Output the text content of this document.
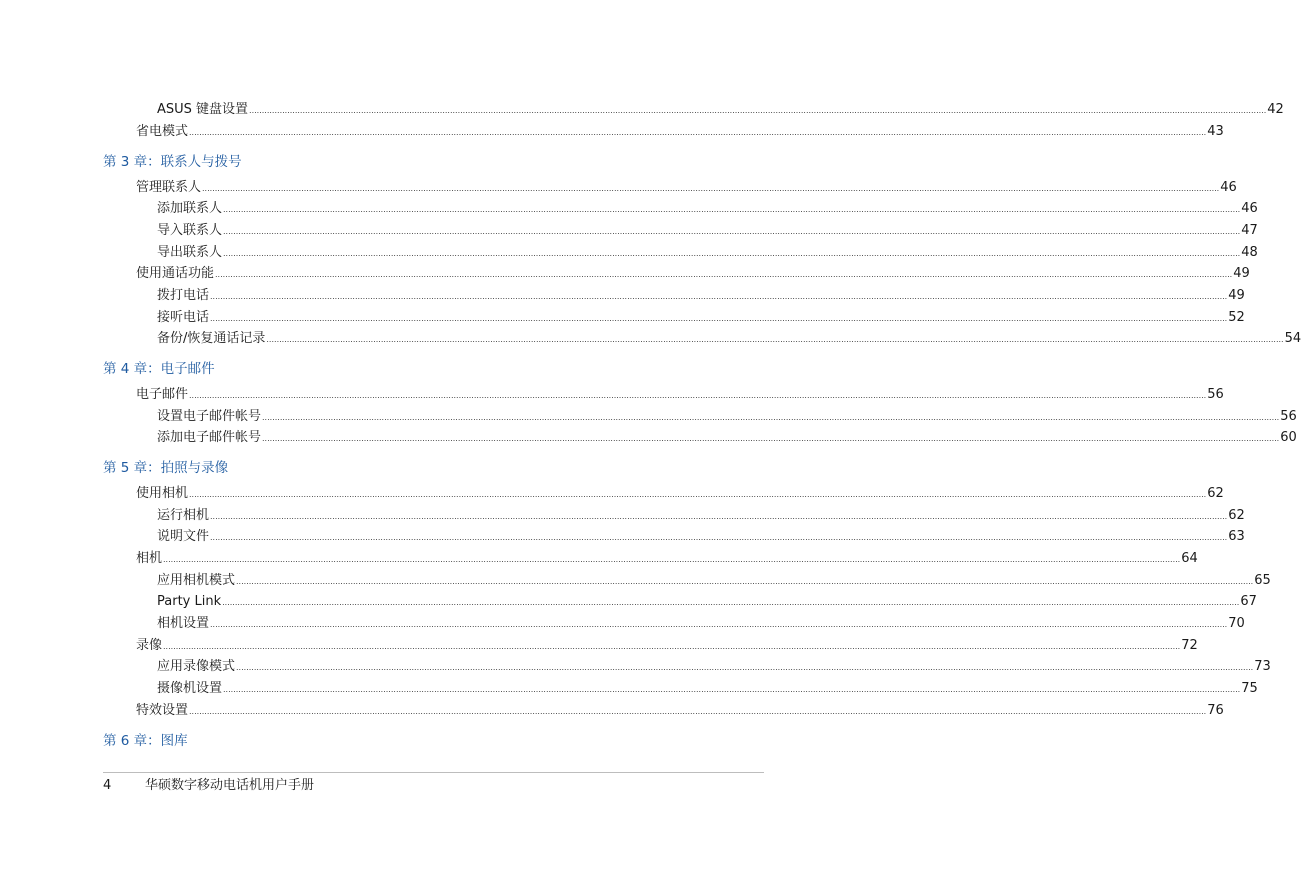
ASUS 键盘设置 ................................................................................................................................................................................................................................................................................................................................................................................................................ 42
省电模式 ................................................................................................................................................................................................................................................................................................................................................................................................................ 43
第 3 章：联系人与拨号
管理联系人 ................................................................................................................................................................................................................................................................................................................................................................................................................ 46
添加联系人 ................................................................................................................................................................................................................................................................................................................................................................................................................ 46
导入联系人 ................................................................................................................................................................................................................................................................................................................................................................................................................ 47
导出联系人 ................................................................................................................................................................................................................................................................................................................................................................................................................ 48
使用通话功能 ................................................................................................................................................................................................................................................................................................................................................................................................................ 49
拨打电话 ................................................................................................................................................................................................................................................................................................................................................................................................................ 49
接听电话 ................................................................................................................................................................................................................................................................................................................................................................................................................ 52
备份/恢复通话记录 ................................................................................................................................................................................................................................................................................................................................................................................................................ 54
第 4 章：电子邮件
电子邮件 ................................................................................................................................................................................................................................................................................................................................................................................................................ 56
设置电子邮件帐号 ................................................................................................................................................................................................................................................................................................................................................................................................................ 56
添加电子邮件帐号 ................................................................................................................................................................................................................................................................................................................................................................................................................ 60
第 5 章：拍照与录像
使用相机 ................................................................................................................................................................................................................................................................................................................................................................................................................ 62
运行相机 ................................................................................................................................................................................................................................................................................................................................................................................................................ 62
说明文件 ................................................................................................................................................................................................................................................................................................................................................................................................................ 63
相机 ................................................................................................................................................................................................................................................................................................................................................................................................................ 64
应用相机模式 ................................................................................................................................................................................................................................................................................................................................................................................................................ 65
Party Link ................................................................................................................................................................................................................................................................................................................................................................................................................ 67
相机设置 ................................................................................................................................................................................................................................................................................................................................................................................................................ 70
录像 ................................................................................................................................................................................................................................................................................................................................................................................................................ 72
应用录像模式 ................................................................................................................................................................................................................................................................................................................................................................................................................ 73
摄像机设置 ................................................................................................................................................................................................................................................................................................................................................................................................................ 75
特效设置 ................................................................................................................................................................................................................................................................................................................................................................................................................ 76
第 6 章：图库
4	华硕数字移动电话机用户手册
